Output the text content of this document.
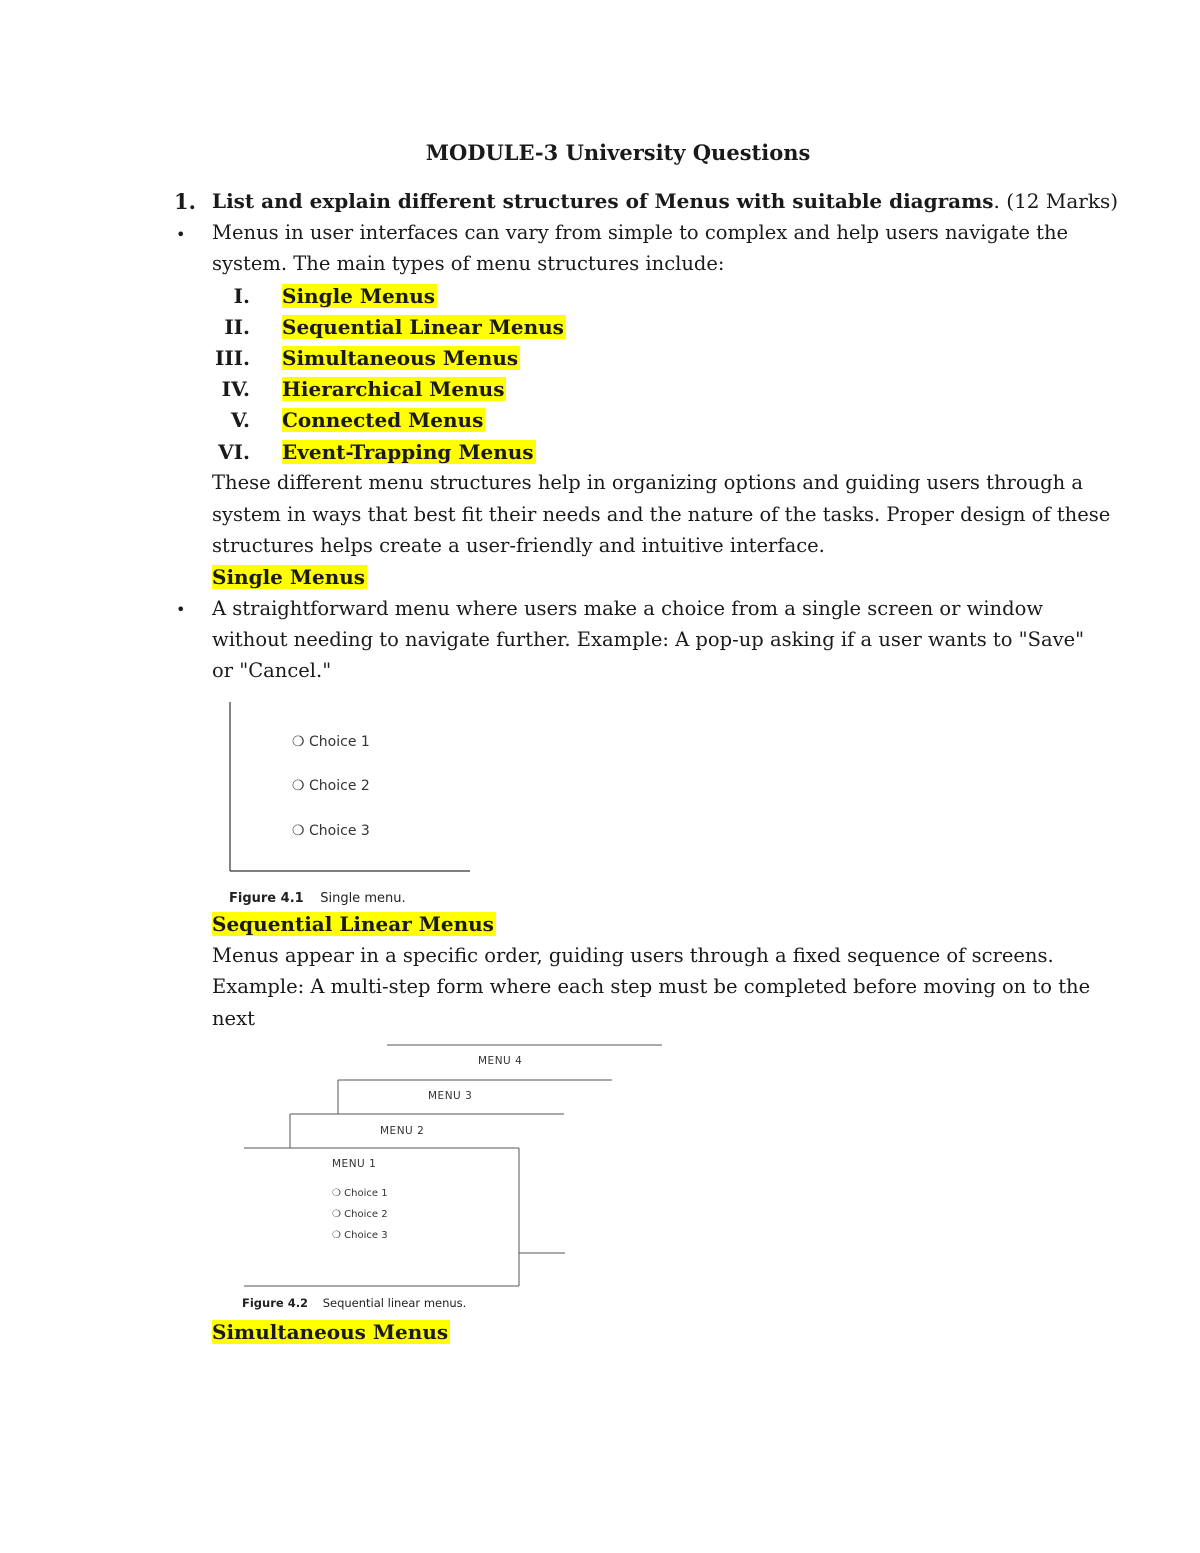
MODULE-3 University Questions
1. List and explain different structures of Menus with suitable diagrams. (12 Marks)
• Menus in user interfaces can vary from simple to complex and help users navigate the
system. The main types of menu structures include:
I. Single Menus
II. Sequential Linear Menus
III. Simultaneous Menus
IV. Hierarchical Menus
V. Connected Menus
VI. Event-Trapping Menus
These different menu structures help in organizing options and guiding users through a
system in ways that best fit their needs and the nature of the tasks. Proper design of these
structures helps create a user-friendly and intuitive interface.
Single Menus
• A straightforward menu where users make a choice from a single screen or window
without needing to navigate further. Example: A pop-up asking if a user wants to "Save"
or "Cancel."
❍ Choice 1
❍ Choice 2
❍ Choice 3
Figure 4.1 Single menu.
Sequential Linear Menus
Menus appear in a specific order, guiding users through a fixed sequence of screens.
Example: A multi-step form where each step must be completed before moving on to the
next
MENU 4
MENU 3
MENU 2
MENU 1
❍ Choice 1
❍ Choice 2
❍ Choice 3
Figure 4.2 Sequential linear menus.
Simultaneous Menus
